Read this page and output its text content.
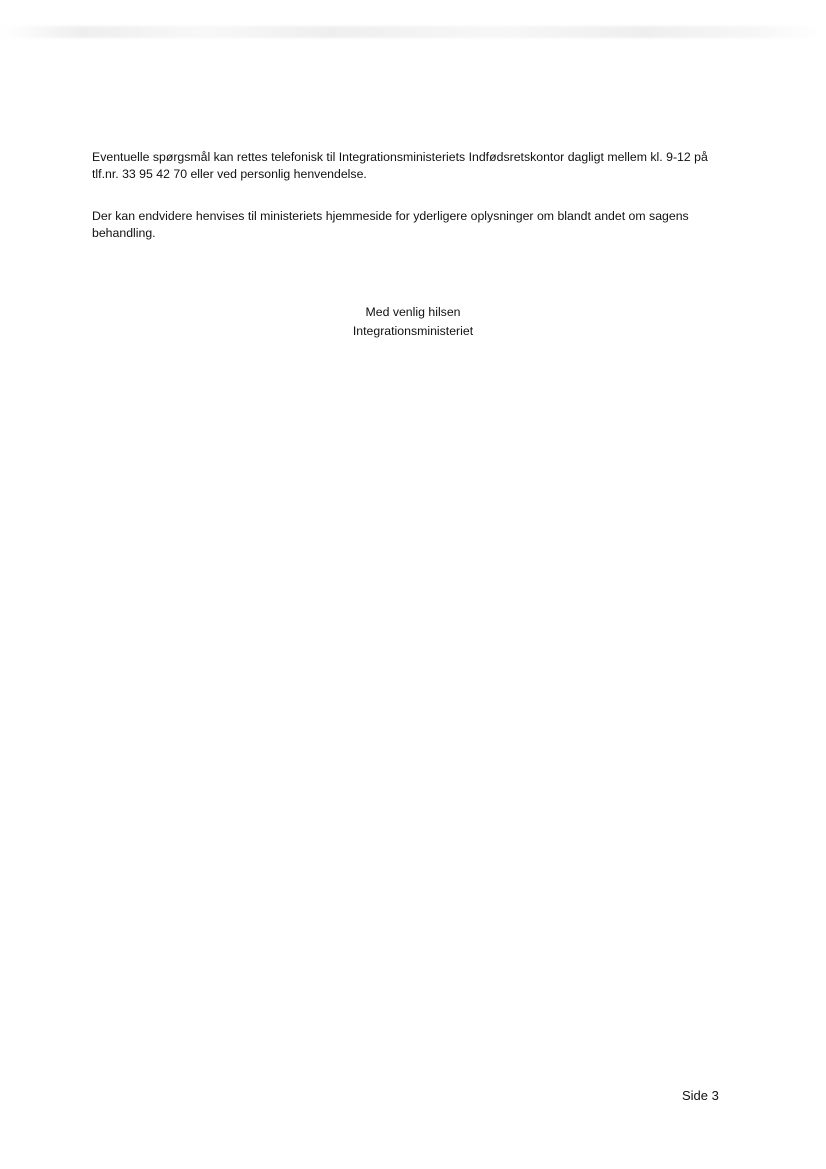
Eventuelle spørgsmål kan rettes telefonisk til Integrationsministeriets Indfødsretskontor dagligt mellem kl. 9-12 på tlf.nr. 33 95 42 70 eller ved personlig henvendelse.

Der kan endvidere henvises til ministeriets hjemmeside for yderligere oplysninger om blandt andet om sagens behandling.

Med venlig hilsen
Integrationsministeriet
Side 3
